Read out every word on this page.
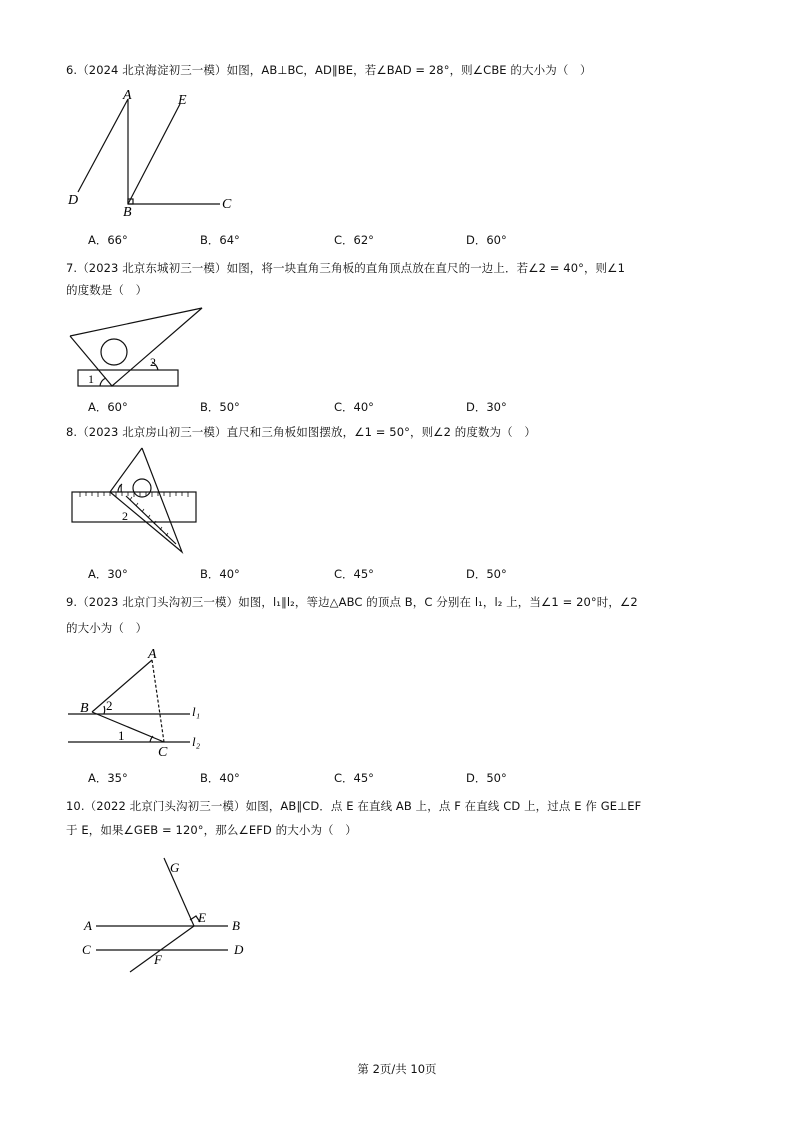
6.（2024 北京海淀初三一模）如图，AB⊥BC，AD∥BE，若∠BAD = 28°，则∠CBE 的大小为（　）
A	E
D
B
C
A．66°	B．64°	C．62°	D．60°
7.（2023 北京东城初三一模）如图，将一块直角三角板的直角顶点放在直尺的一边上．若∠2 = 40°，则∠1
的度数是（　）
1
2
A．60°	B．50°	C．40°	D．30°
8.（2023 北京房山初三一模）直尺和三角板如图摆放，∠1 = 50°，则∠2 的度数为（　）
1
2
A．30°	B．40°	C．45°	D．50°
9.（2023 北京门头沟初三一模）如图，l₁∥l₂，等边△ABC 的顶点 B，C 分别在 l₁，l₂ 上，当∠1 = 20°时，∠2
的大小为（　）
A
B 2	l₁
1
C
l₂
A．35°	B．40°	C．45°	D．50°
10.（2022 北京门头沟初三一模）如图，AB∥CD．点 E 在直线 AB 上，点 F 在直线 CD 上，过点 E 作 GE⊥EF
于 E，如果∠GEB = 120°，那么∠EFD 的大小为（　）
G
A
E
B
C
F
D
第 2页/共 10页
